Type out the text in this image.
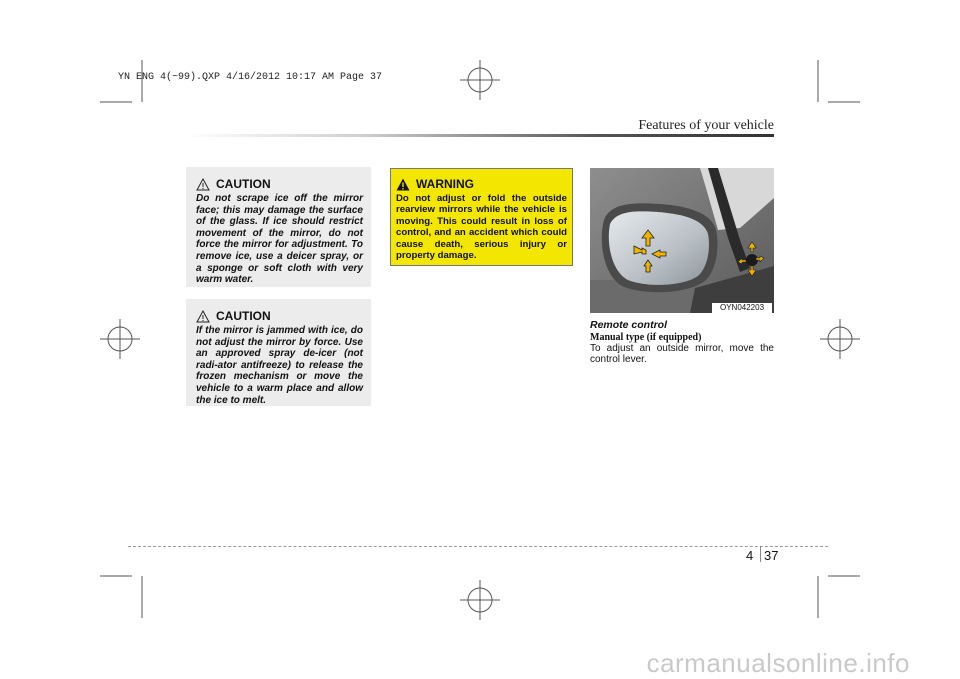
YN ENG 4(~99).QXP 4/16/2012 10:17 AM Page 37
Features of your vehicle
CAUTION
Do not scrape ice off the mirror face; this may damage the surface of the glass. If ice should restrict movement of the mirror, do not force the mirror for adjustment. To remove ice, use a deicer spray, or a sponge or soft cloth with very warm water.
CAUTION
If the mirror is jammed with ice, do not adjust the mirror by force. Use an approved spray de-icer (not radi-ator antifreeze) to release the frozen mechanism or move the vehicle to a warm place and allow the ice to melt.
WARNING
Do not adjust or fold the outside rearview mirrors while the vehicle is moving. This could result in loss of control, and an accident which could cause death, serious injury or property damage.
OYN042203
Remote control
Manual type (if equipped)
To adjust an outside mirror, move the control lever.
4 37
carmanualsonline.info
